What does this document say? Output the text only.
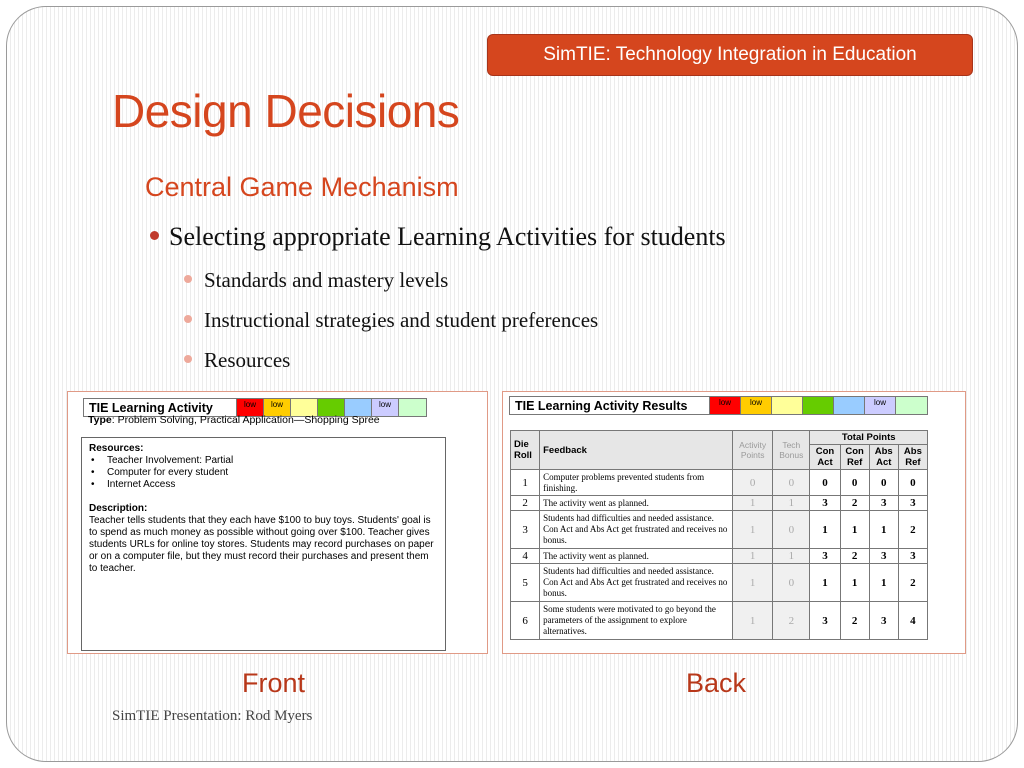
SimTIE: Technology Integration in Education
Design Decisions
Central Game Mechanism
Selecting appropriate Learning Activities for students
Standards and mastery levels
Instructional strategies and student preferences
Resources
TIE Learning Activity	low	low	low
Type: Problem Solving, Practical Application—Shopping Spree
Resources:
• Teacher Involvement: Partial
• Computer for every student
• Internet Access
Description:
Teacher tells students that they each have $100 to buy toys. Students' goal is to spend as much money as possible without going over $100. Teacher gives students URLs for online toy stores. Students may record purchases on paper or on a computer file, but they must record their purchases and present them to teacher.
TIE Learning Activity Results	low	low	low
Die Roll	Feedback	Activity Points	Tech Bonus	Total Points			
				Con Act	Con Ref	Abs Act	Abs Ref
1	Computer problems prevented students from finishing.	0	0	0	0	0	0
2	The activity went as planned.	1	1	3	2	3	3
3	Students had difficulties and needed assistance. Con Act and Abs Act get frustrated and receives no bonus.	1	0	1	1	1	2
4	The activity went as planned.	1	1	3	2	3	3
5	Students had difficulties and needed assistance. Con Act and Abs Act get frustrated and receives no bonus.	1	0	1	1	1	2
6	Some students were motivated to go beyond the parameters of the assignment to explore alternatives.	1	2	3	2	3	4
Front	Back
SimTIE Presentation: Rod Myers
